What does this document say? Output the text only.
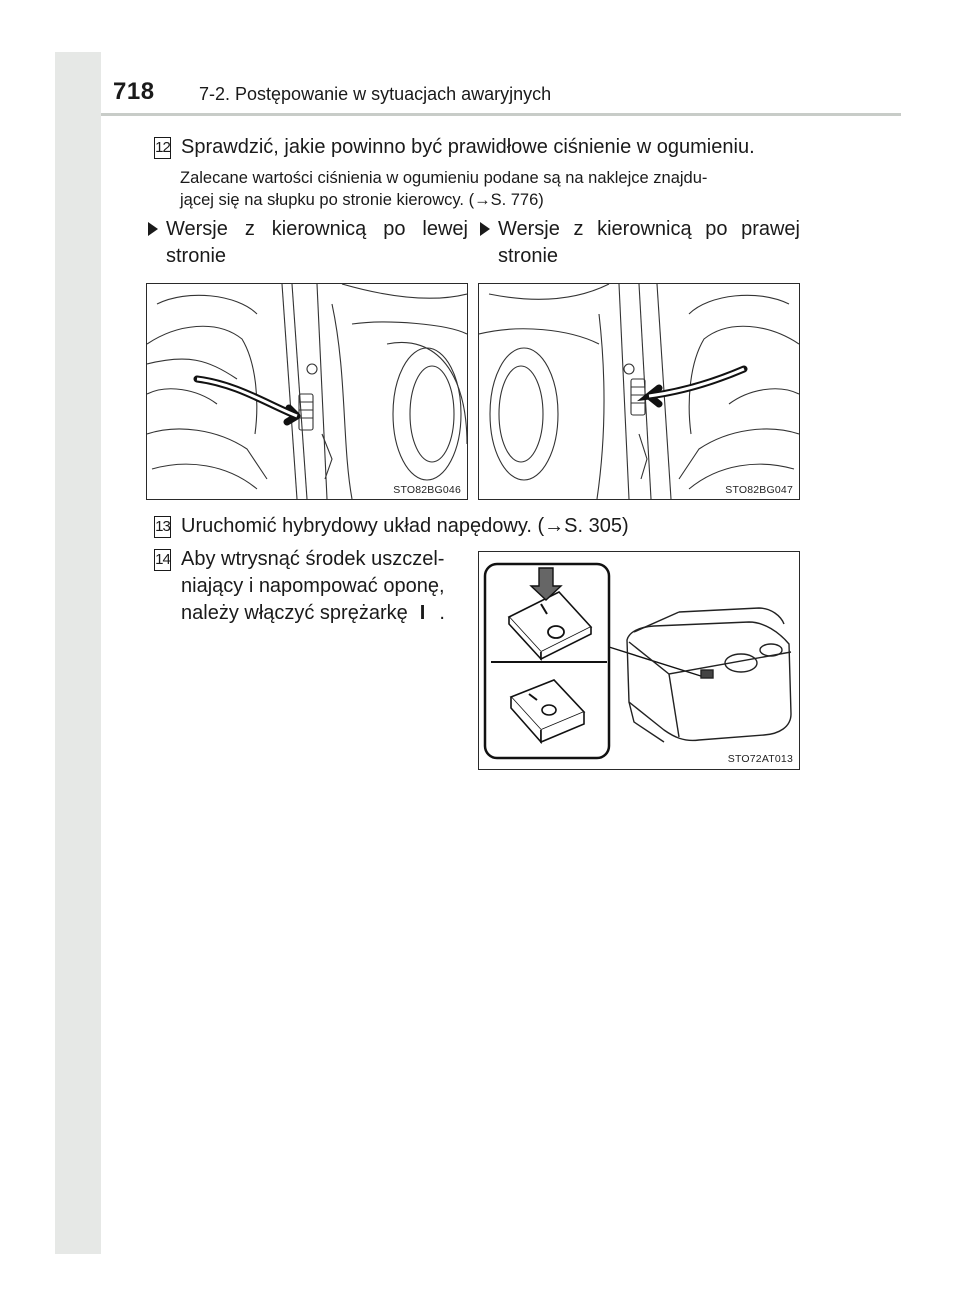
718 7-2. Postępowanie w sytuacjach awaryjnych
12 Sprawdzić, jakie powinno być prawidłowe ciśnienie w ogumieniu.
Zalecane wartości ciśnienia w ogumieniu podane są na naklejce znajdu-
jącej się na słupku po stronie kierowcy. (→S. 776)
Wersje z kierownicą po lewej stronie
Wersje z kierownicą po prawej stronie
STO82BG046	STO82BG047
13 Uruchomić hybrydowy układ napędowy. (→S. 305)
14 Aby wtrysnąć środek uszczel-
niający i napompować oponę,
należy włączyć sprężarkę I .
STO72AT013
